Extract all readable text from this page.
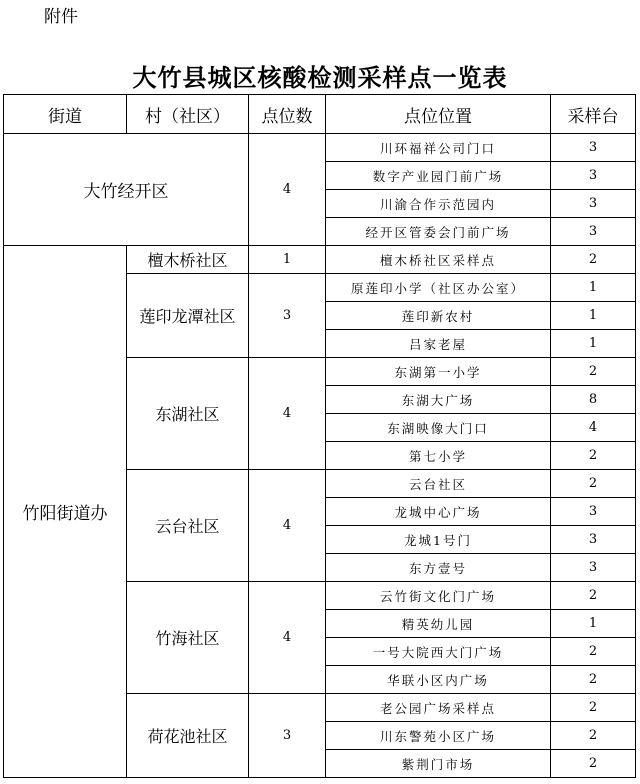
附件
大竹县城区核酸检测采样点一览表
街道	村（社区）	点位数	点位位置	采样台
大竹经开区		4	川环福祥公司门口	3
			数字产业园门前广场	3
			川渝合作示范园内	3
			经开区管委会门前广场	3
竹阳街道办	檀木桥社区	1	檀木桥社区采样点	2
	莲印龙潭社区	3	原莲印小学（社区办公室）	1
			莲印新农村	1
			吕家老屋	1
	东湖社区	4	东湖第一小学	2
			东湖大广场	8
			东湖映像大门口	4
			第七小学	2
	云台社区	4	云台社区	2
			龙城中心广场	3
			龙城1号门	3
			东方壹号	3
	竹海社区	4	云竹街文化门广场	2
			精英幼儿园	1
			一号大院西大门广场	2
			华联小区内广场	2
	荷花池社区	3	老公园广场采样点	2
			川东警苑小区广场	2
			紫荆门市场	2
